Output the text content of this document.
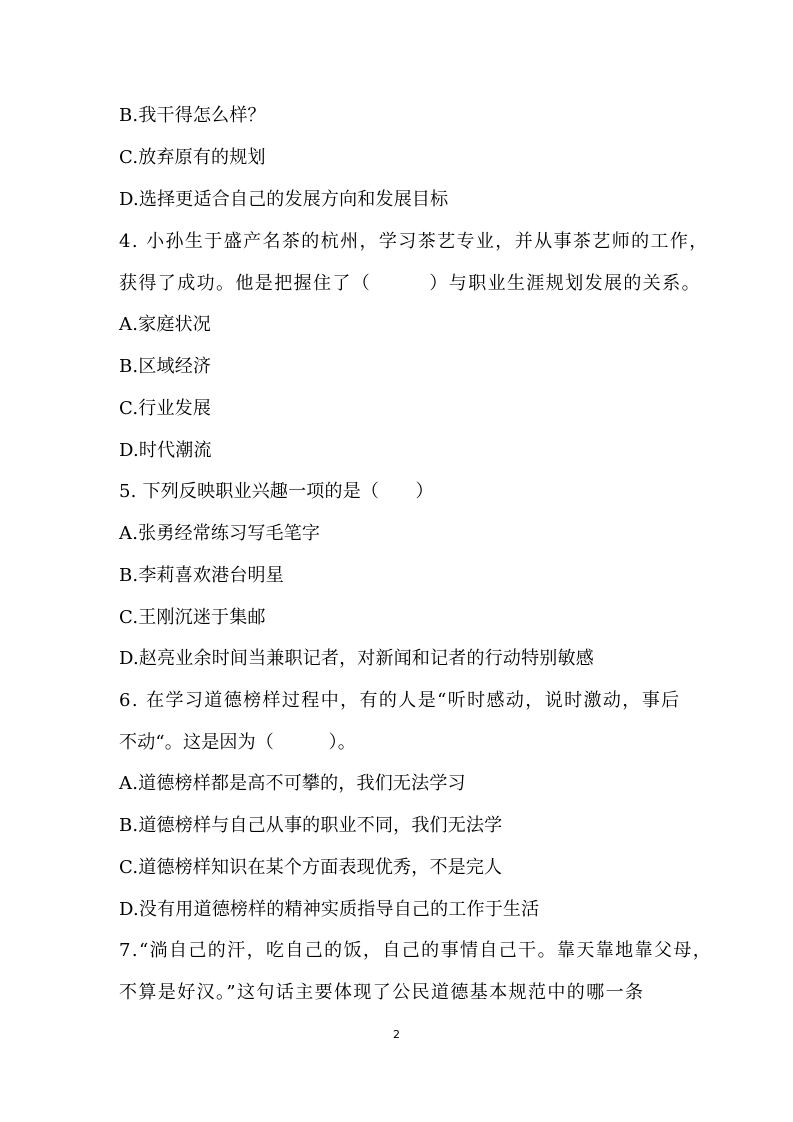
B.我干得怎么样？
C.放弃原有的规划
D.选择更适合自己的发展方向和发展目标
4. 小孙生于盛产名茶的杭州，学习茶艺专业，并从事茶艺师的工作，
获得了成功。他是把握住了（　　　）与职业生涯规划发展的关系。
A.家庭状况
B.区域经济
C.行业发展
D.时代潮流
5. 下列反映职业兴趣一项的是（　　）
A.张勇经常练习写毛笔字
B.李莉喜欢港台明星
C.王刚沉迷于集邮
D.赵亮业余时间当兼职记者，对新闻和记者的行动特别敏感
6. 在学习道德榜样过程中，有的人是“听时感动，说时激动，事后
不动“。这是因为（　　　）。
A.道德榜样都是高不可攀的，我们无法学习
B.道德榜样与自己从事的职业不同，我们无法学
C.道德榜样知识在某个方面表现优秀，不是完人
D.没有用道德榜样的精神实质指导自己的工作于生活
7.“淌自己的汗，吃自己的饭，自己的事情自己干。靠天靠地靠父母，
不算是好汉。”这句话主要体现了公民道德基本规范中的哪一条
2
